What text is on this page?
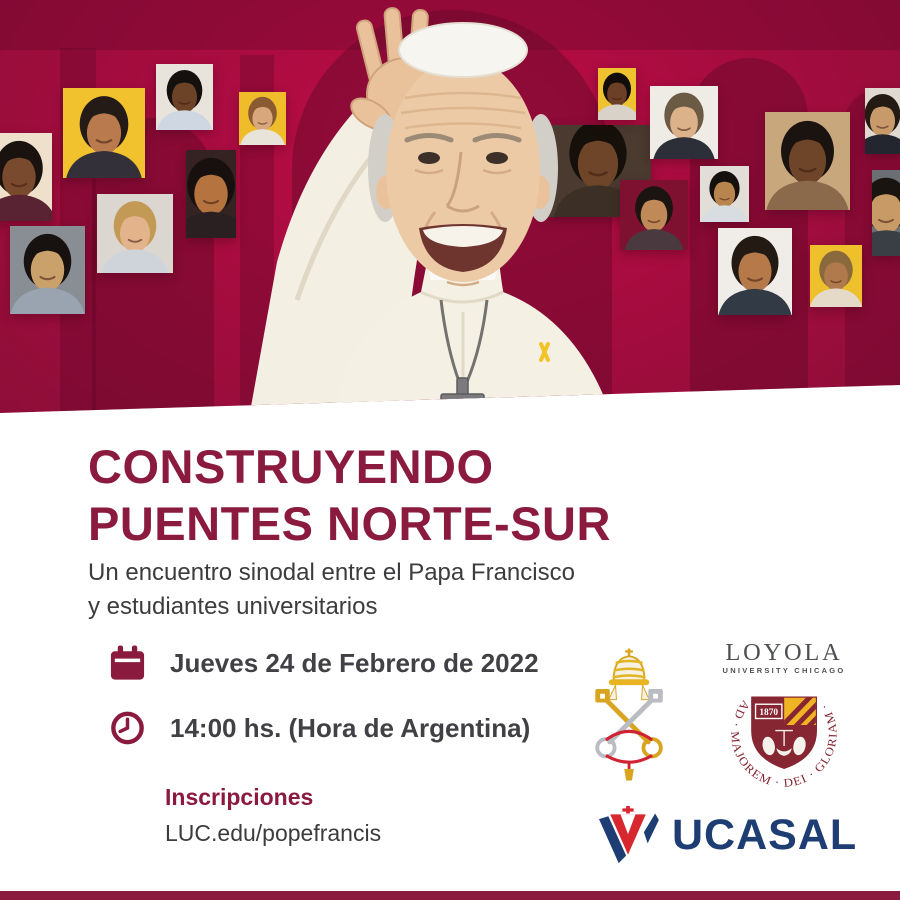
CONSTRUYENDO
PUENTES NORTE-SUR
Un encuentro sinodal entre el Papa Francisco
y estudiantes universitarios
Jueves 24 de Febrero de 2022
14:00 hs. (Hora de Argentina)
Inscripciones
LUC.edu/popefrancis
LOYOLA
UNIVERSITY CHICAGO
AD · MAJOREM · DEI · GLORIAM ·
1870
UCASAL
